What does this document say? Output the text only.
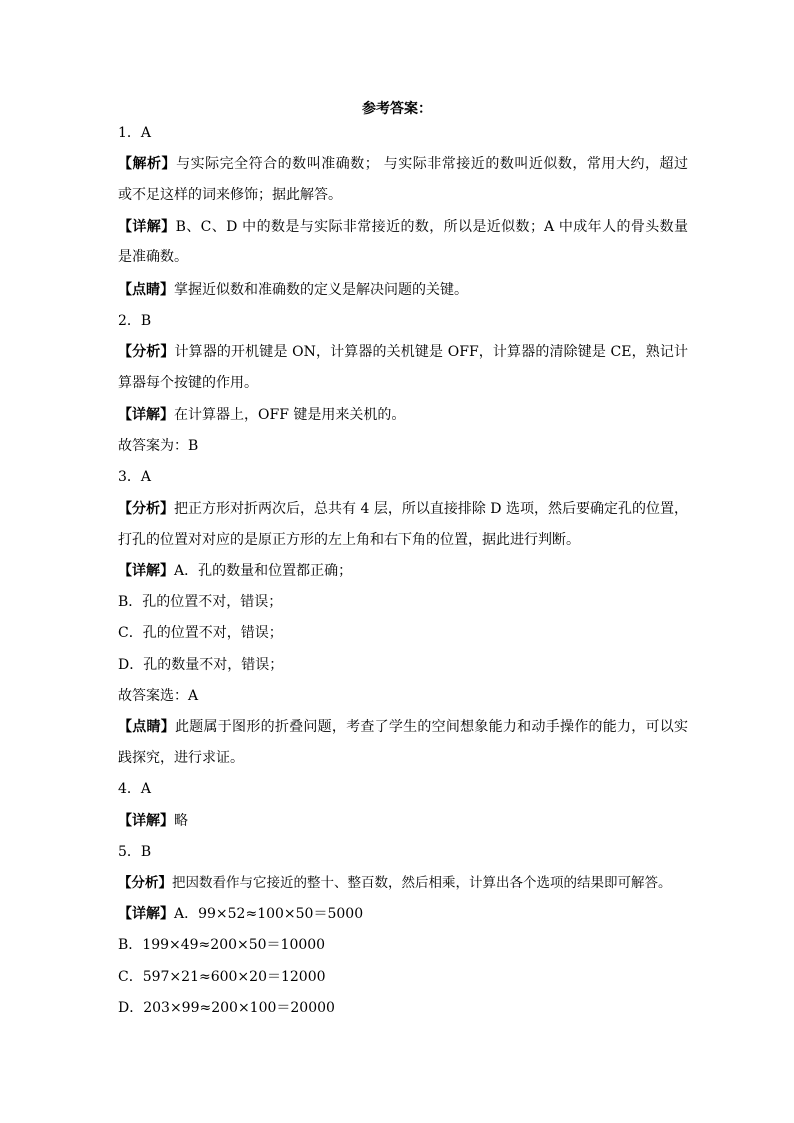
参考答案：
1．A
【解析】与实际完全符合的数叫准确数； 与实际非常接近的数叫近似数，常用大约，超过
或不足这样的词来修饰；据此解答。
【详解】B、C、D 中的数是与实际非常接近的数，所以是近似数；A 中成年人的骨头数量
是准确数。
【点睛】掌握近似数和准确数的定义是解决问题的关键。
2．B
【分析】计算器的开机键是 ON，计算器的关机键是 OFF，计算器的清除键是 CE，熟记计
算器每个按键的作用。
【详解】在计算器上，OFF 键是用来关机的。
故答案为：B
3．A
【分析】把正方形对折两次后，总共有 4 层，所以直接排除 D 选项，然后要确定孔的位置，
打孔的位置对对应的是原正方形的左上角和右下角的位置，据此进行判断。
【详解】A．孔的数量和位置都正确；
B．孔的位置不对，错误；
C．孔的位置不对，错误；
D．孔的数量不对，错误；
故答案选：A
【点睛】此题属于图形的折叠问题，考查了学生的空间想象能力和动手操作的能力，可以实
践探究，进行求证。
4．A
【详解】略
5．B
【分析】把因数看作与它接近的整十、整百数，然后相乘，计算出各个选项的结果即可解答。
【详解】A．99×52≈100×50＝5000
B．199×49≈200×50＝10000
C．597×21≈600×20＝12000
D．203×99≈200×100＝20000
